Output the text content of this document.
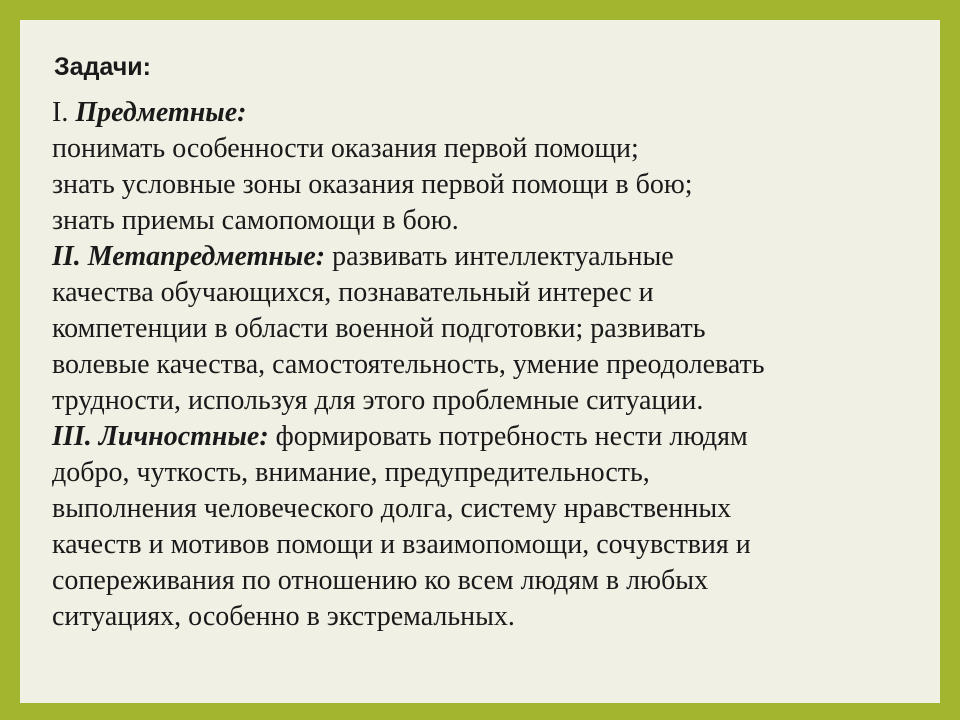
Задачи:
I. Предметные:
понимать особенности оказания первой помощи;
знать условные зоны оказания первой помощи в бою;
знать приемы самопомощи в бою.
II. Метапредметные: развивать интеллектуальные
качества обучающихся, познавательный интерес и
компетенции в области военной подготовки; развивать
волевые качества, самостоятельность, умение преодолевать
трудности, используя для этого проблемные ситуации.
III. Личностные: формировать потребность нести людям
добро, чуткость, внимание, предупредительность,
выполнения человеческого долга, систему нравственных
качеств и мотивов помощи и взаимопомощи, сочувствия и
сопереживания по отношению ко всем людям в любых
ситуациях, особенно в экстремальных.
